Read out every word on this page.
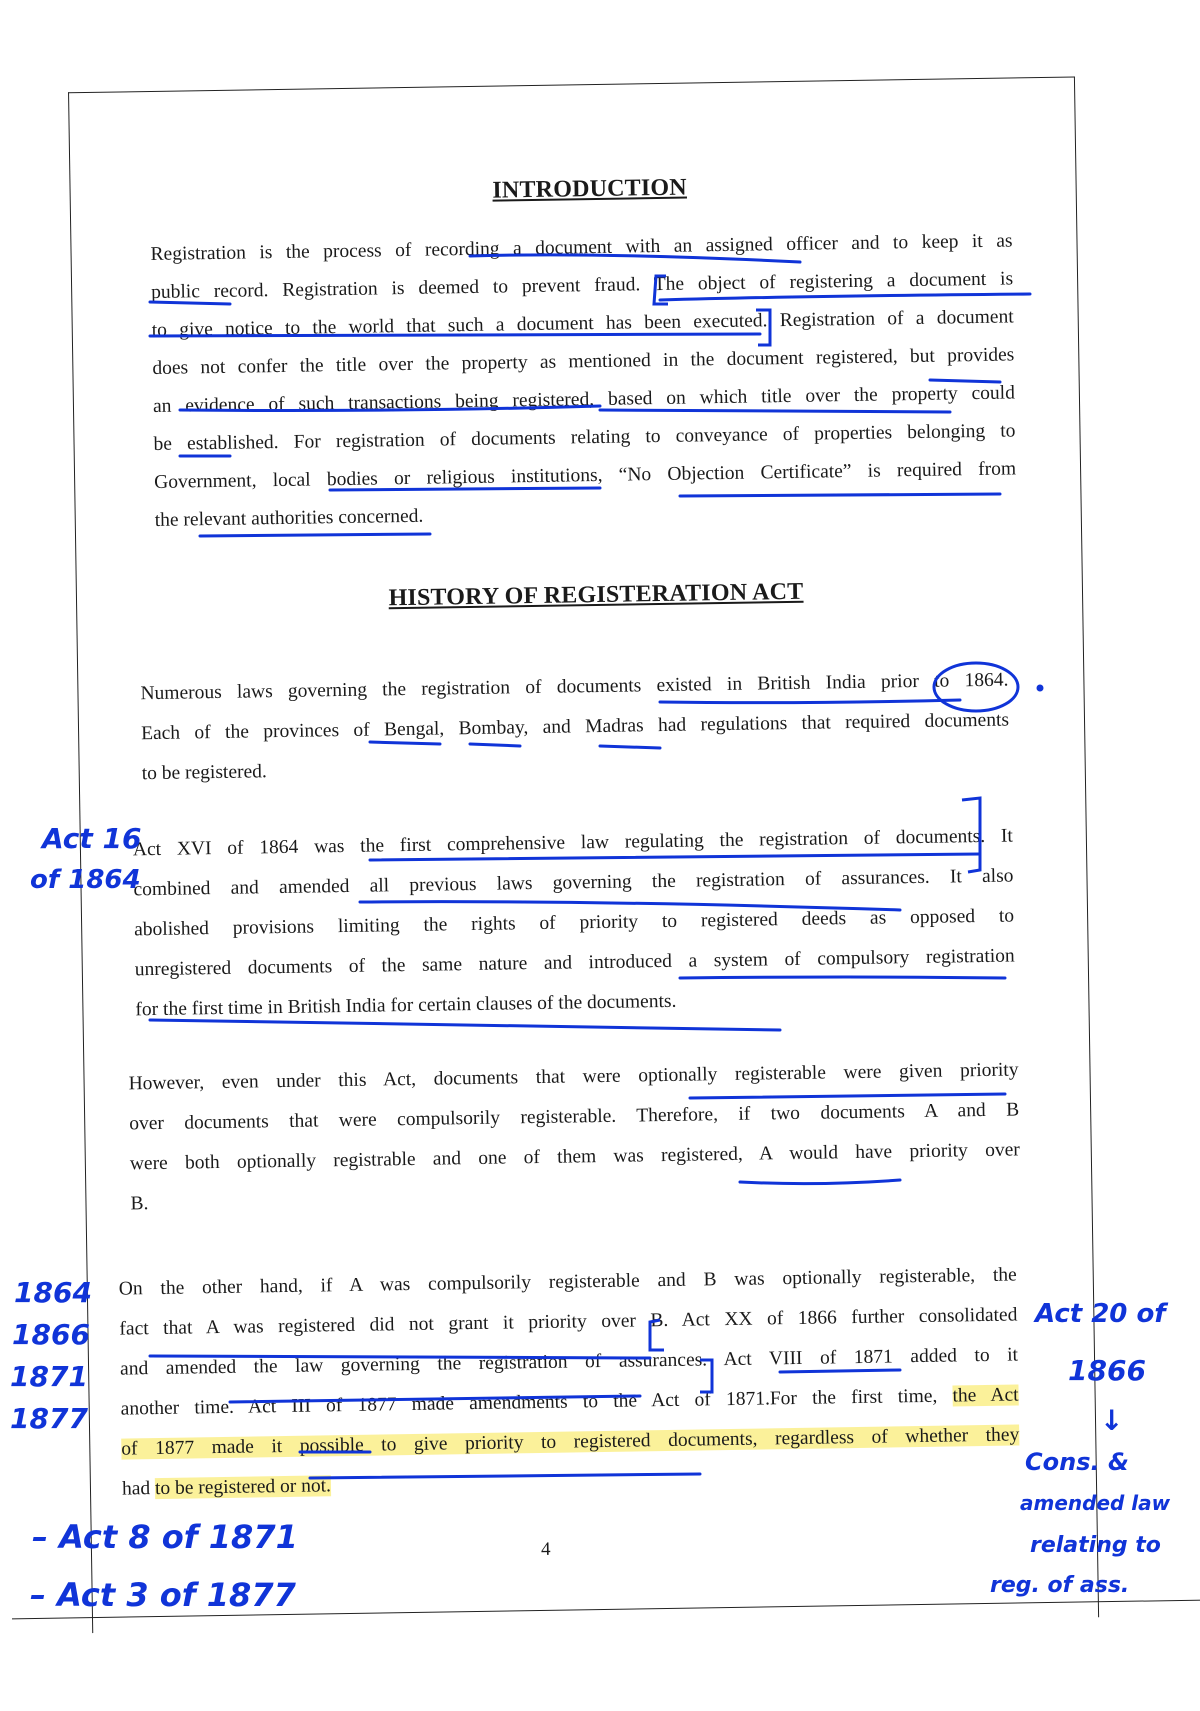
INTRODUCTION
Registration is the process of recording a document with an assigned officer and to keep it as
public record. Registration is deemed to prevent fraud. The object of registering a document is
to give notice to the world that such a document has been executed. Registration of a document
does not confer the title over the property as mentioned in the document registered, but provides
an evidence of such transactions being registered, based on which title over the property could
be established. For registration of documents relating to conveyance of properties belonging to
Government, local bodies or religious institutions, “No Objection Certificate” is required from
the relevant authorities concerned.
HISTORY OF REGISTERATION ACT
Numerous laws governing the registration of documents existed in British India prior to 1864.
Each of the provinces of Bengal, Bombay, and Madras had regulations that required documents
to be registered.
Act XVI of 1864 was the first comprehensive law regulating the registration of documents. It
combined and amended all previous laws governing the registration of assurances. It also
abolished provisions limiting the rights of priority to registered deeds as opposed to
unregistered documents of the same nature and introduced a system of compulsory registration
for the first time in British India for certain clauses of the documents.
However, even under this Act, documents that were optionally registerable were given priority
over documents that were compulsorily registerable. Therefore, if two documents A and B
were both optionally registrable and one of them was registered, A would have priority over
B.
On the other hand, if A was compulsorily registerable and B was optionally registerable, the
fact that A was registered did not grant it priority over B. Act XX of 1866 further consolidated
and amended the law governing the registration of assurances. Act VIII of 1871 added to it
another time. Act III of 1877 made amendments to the Act of 1871.For the first time, the Act
of 1877 made it possible to give priority to registered documents, regardless of whether they
had to be registered or not.
4
Act 16
of 1864
1864
1866
1871
1877
– Act 8 of 1871
– Act 3 of 1877
Act 20 of
1866
↓
Cons. &
amended law
relating to
reg. of ass.
